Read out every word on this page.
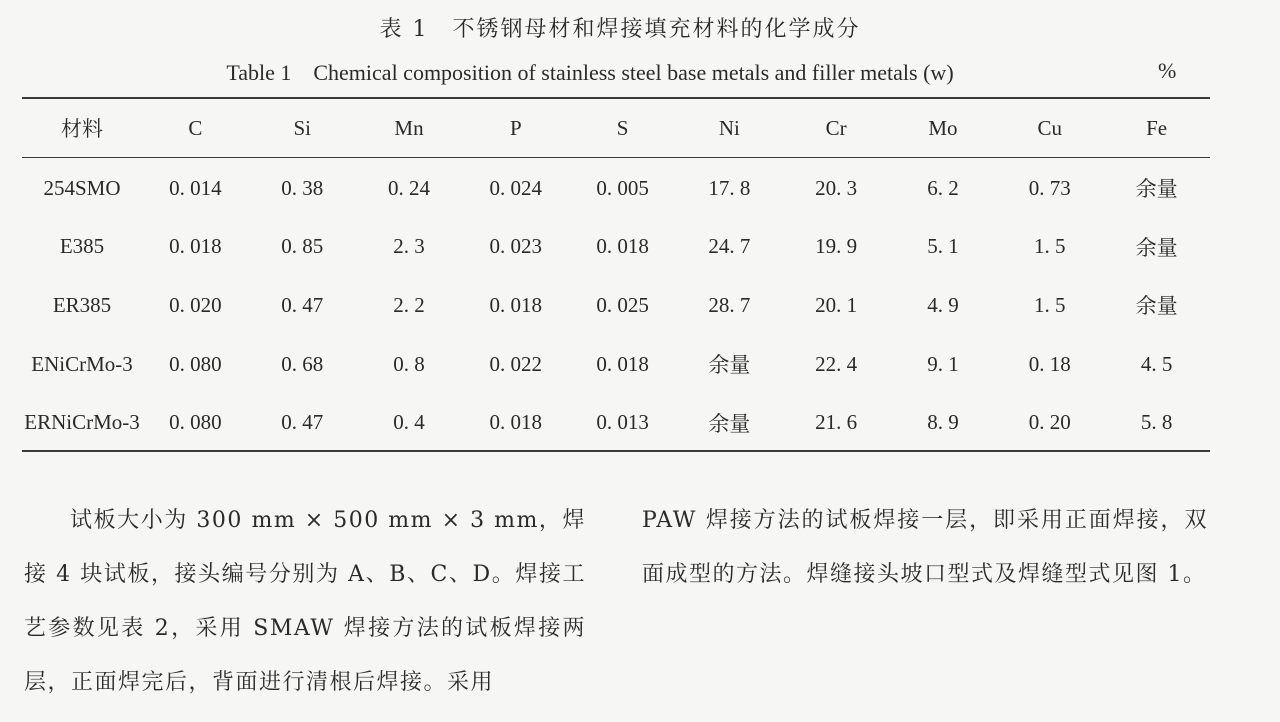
表 1　不锈钢母材和焊接填充材料的化学成分
Table 1　Chemical composition of stainless steel base metals and filler metals (w)	%
材料	C	Si	Mn	P	S	Ni	Cr	Mo	Cu	Fe
254SMO	0. 014	0. 38	0. 24	0. 024	0. 005	17. 8	20. 3	6. 2	0. 73	余量
E385	0. 018	0. 85	2. 3	0. 023	0. 018	24. 7	19. 9	5. 1	1. 5	余量
ER385	0. 020	0. 47	2. 2	0. 018	0. 025	28. 7	20. 1	4. 9	1. 5	余量
ENiCrMo-3	0. 080	0. 68	0. 8	0. 022	0. 018	余量	22. 4	9. 1	0. 18	4. 5
ERNiCrMo-3	0. 080	0. 47	0. 4	0. 018	0. 013	余量	21. 6	8. 9	0. 20	5. 8
试板大小为 300 mm × 500 mm × 3 mm，焊接 4 块试板，接头编号分别为 A、B、C、D。焊接工艺参数见表 2，采用 SMAW 焊接方法的试板焊接两层，正面焊完后，背面进行清根后焊接。采用
PAW 焊接方法的试板焊接一层，即采用正面焊接，双面成型的方法。焊缝接头坡口型式及焊缝型式见图 1。
